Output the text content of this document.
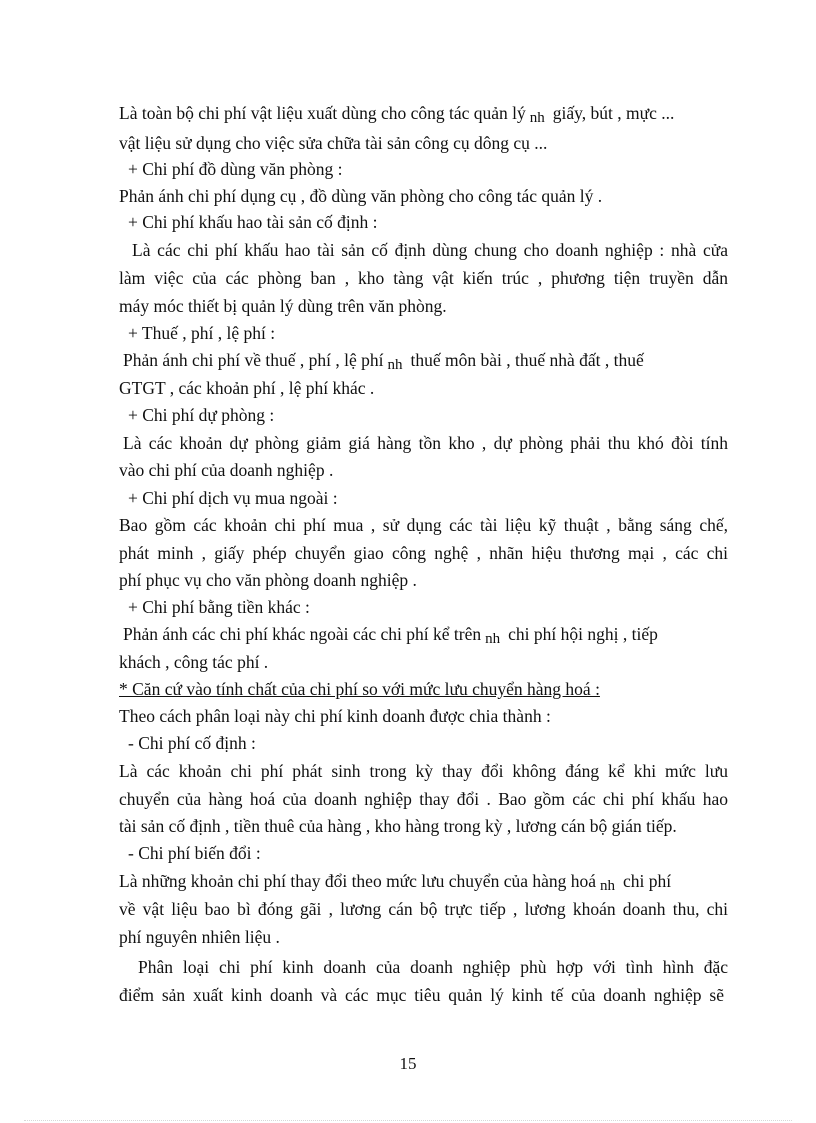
Là toàn bộ chi phí vật liệu xuất dùng cho công tác quản lý nh giấy, bút , mực ...
vật liệu sử dụng cho việc sửa chữa tài sản công cụ dông cụ ...
+ Chi phí đồ dùng văn phòng :
Phản ánh chi phí dụng cụ , đồ dùng văn phòng cho công tác quản lý .
+ Chi phí khấu hao tài sản cố định :
Là các chi phí khấu hao tài sản cố định dùng chung cho doanh nghiệp : nhà cửa
làm việc của các phòng ban , kho tàng vật kiến trúc , phương tiện truyền dẫn
máy móc thiết bị quản lý dùng trên văn phòng.
+ Thuế , phí , lệ phí :
Phản ánh chi phí về thuế , phí , lệ phí nh thuế môn bài , thuế nhà đất , thuế
GTGT , các khoản phí , lệ phí khác .
+ Chi phí dự phòng :
Là các khoản dự phòng giảm giá hàng tồn kho , dự phòng phải thu khó đòi tính
vào chi phí của doanh nghiệp .
+ Chi phí dịch vụ mua ngoài :
Bao gồm các khoản chi phí mua , sử dụng các tài liệu kỹ thuật , bằng sáng chế,
phát minh , giấy phép chuyển giao công nghệ , nhãn hiệu thương mại , các chi
phí phục vụ cho văn phòng doanh nghiệp .
+ Chi phí bằng tiền khác :
Phản ánh các chi phí khác ngoài các chi phí kể trên nh chi phí hội nghị , tiếp
khách , công tác phí .
* Căn cứ vào tính chất của chi phí so với mức lưu chuyển hàng hoá :
Theo cách phân loại này chi phí kinh doanh được chia thành :
- Chi phí cố định :
Là các khoản chi phí phát sinh trong kỳ thay đổi không đáng kể khi mức lưu
chuyển của hàng hoá của doanh nghiệp thay đổi . Bao gồm các chi phí khấu hao
tài sản cố định , tiền thuê của hàng , kho hàng trong kỳ , lương cán bộ gián tiếp.
- Chi phí biến đổi :
Là những khoản chi phí thay đổi theo mức lưu chuyển của hàng hoá nh chi phí
về vật liệu bao bì đóng gãi , lương cán bộ trực tiếp , lương khoán doanh thu, chi
phí nguyên nhiên liệu .
Phân loại chi phí kinh doanh của doanh nghiệp phù hợp với tình hình đặc
điểm sản xuất kinh doanh và các mục tiêu quản lý kinh tế của doanh nghiệp sẽ
15
